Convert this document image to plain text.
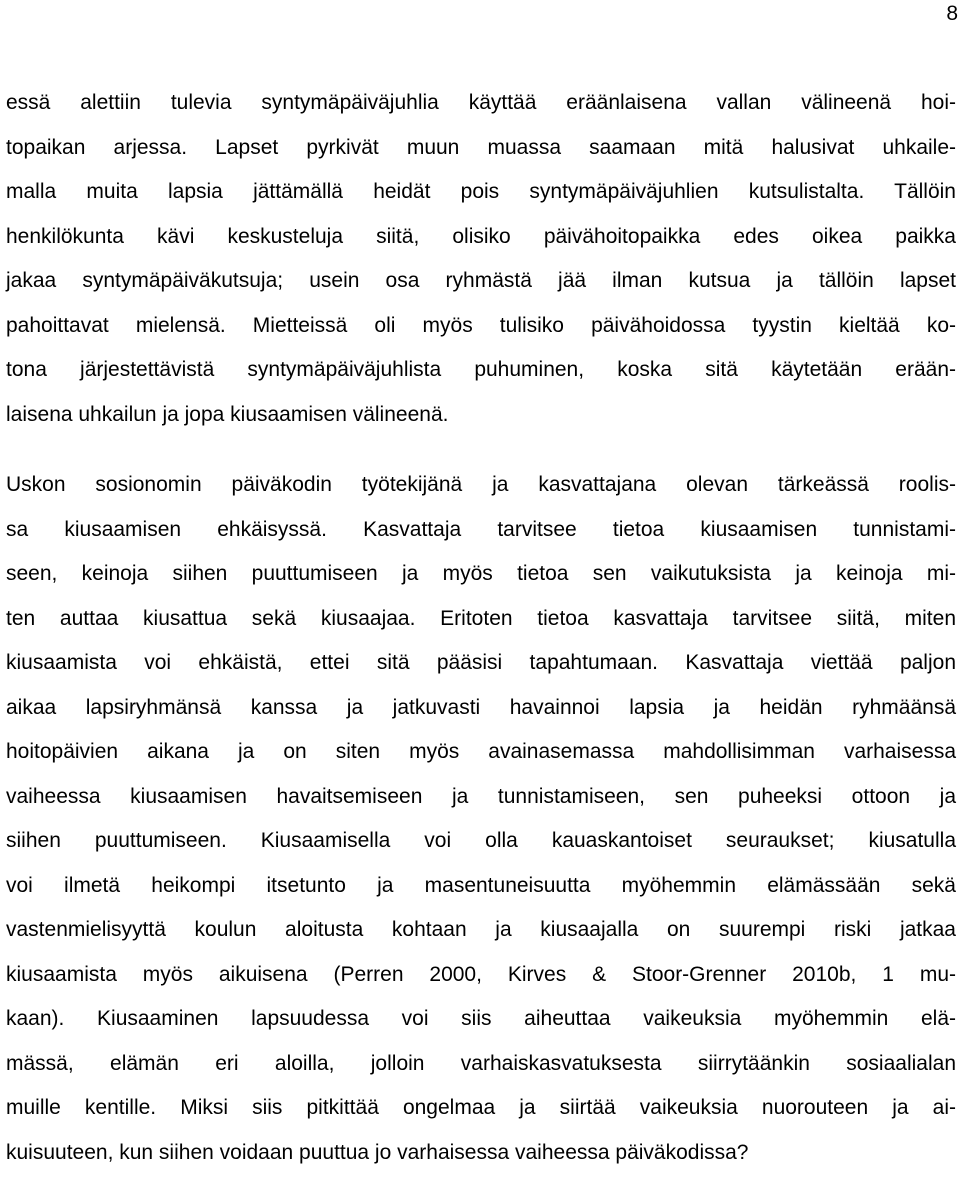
8
essä alettiin tulevia syntymäpäiväjuhlia käyttää eräänlaisena vallan välineenä hoi-
topaikan arjessa. Lapset pyrkivät muun muassa saamaan mitä halusivat uhkaile-
malla muita lapsia jättämällä heidät pois syntymäpäiväjuhlien kutsulistalta. Tällöin
henkilökunta kävi keskusteluja siitä, olisiko päivähoitopaikka edes oikea paikka
jakaa syntymäpäiväkutsuja; usein osa ryhmästä jää ilman kutsua ja tällöin lapset
pahoittavat mielensä. Mietteissä oli myös tulisiko päivähoidossa tyystin kieltää ko-
tona järjestettävistä syntymäpäiväjuhlista puhuminen, koska sitä käytetään erään-
laisena uhkailun ja jopa kiusaamisen välineenä.
Uskon sosionomin päiväkodin työtekijänä ja kasvattajana olevan tärkeässä roolis-
sa kiusaamisen ehkäisyssä. Kasvattaja tarvitsee tietoa kiusaamisen tunnistami-
seen, keinoja siihen puuttumiseen ja myös tietoa sen vaikutuksista ja keinoja mi-
ten auttaa kiusattua sekä kiusaajaa. Eritoten tietoa kasvattaja tarvitsee siitä, miten
kiusaamista voi ehkäistä, ettei sitä pääsisi tapahtumaan. Kasvattaja viettää paljon
aikaa lapsiryhmänsä kanssa ja jatkuvasti havainnoi lapsia ja heidän ryhmäänsä
hoitopäivien aikana ja on siten myös avainasemassa mahdollisimman varhaisessa
vaiheessa kiusaamisen havaitsemiseen ja tunnistamiseen, sen puheeksi ottoon ja
siihen puuttumiseen. Kiusaamisella voi olla kauaskantoiset seuraukset; kiusatulla
voi ilmetä heikompi itsetunto ja masentuneisuutta myöhemmin elämässään sekä
vastenmielisyyttä koulun aloitusta kohtaan ja kiusaajalla on suurempi riski jatkaa
kiusaamista myös aikuisena (Perren 2000, Kirves & Stoor-Grenner 2010b, 1 mu-
kaan). Kiusaaminen lapsuudessa voi siis aiheuttaa vaikeuksia myöhemmin elä-
mässä, elämän eri aloilla, jolloin varhaiskasvatuksesta siirrytäänkin sosiaalialan
muille kentille. Miksi siis pitkittää ongelmaa ja siirtää vaikeuksia nuorouteen ja ai-
kuisuuteen, kun siihen voidaan puuttua jo varhaisessa vaiheessa päiväkodissa?
